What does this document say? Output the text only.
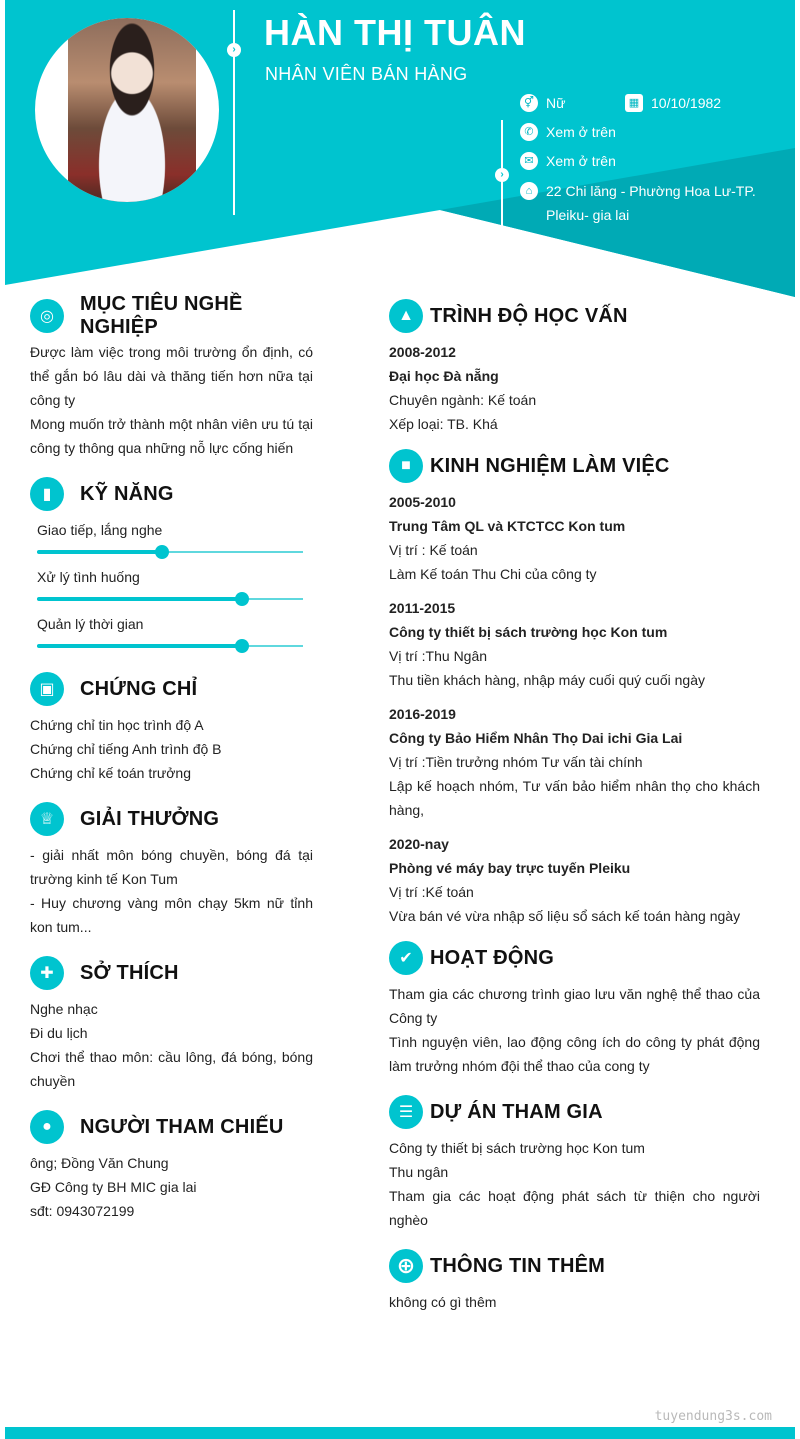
› HÀN THỊ TUÂN
NHÂN VIÊN BÁN HÀNG
›
⚥ Nữ	▦ 10/10/1982
✆ Xem ở trên
✉ Xem ở trên
⌂ 22 Chi lăng - Phường Hoa Lư-TP. Pleiku- gia lai
◎
MỤC TIÊU NGHỀ NGHIỆP
Được làm việc trong môi trường ổn định, có thể gắn bó lâu dài và thăng tiến hơn nữa tại công ty
Mong muốn trở thành một nhân viên ưu tú tại công ty thông qua những nỗ lực cống hiến
▮	KỸ NĂNG
Giao tiếp, lắng nghe
Xử lý tình huống
Quản lý thời gian
▣	CHỨNG CHỈ
Chứng chỉ tin học trình độ A
Chứng chỉ tiếng Anh trình độ B
Chứng chỉ kế toán trưởng
♕	GIẢI THƯỞNG
- giải nhất môn bóng chuyền, bóng đá tại trường kinh tế Kon Tum
- Huy chương vàng môn chạy 5km nữ tỉnh kon tum...
✚	SỞ THÍCH
Nghe nhạc
Đi du lịch
Chơi thể thao môn: cầu lông, đá bóng, bóng chuyền
●	NGƯỜI THAM CHIẾU
ông; Đồng Văn Chung
GĐ Công ty BH MIC gia lai
sđt: 0943072199
▲ TRÌNH ĐỘ HỌC VẤN
2008-2012
Đại học Đà nẵng
Chuyên ngành: Kế toán
Xếp loại: TB. Khá
■ KINH NGHIỆM LÀM VIỆC
2005-2010
Trung Tâm QL và KTCTCC Kon tum
Vị trí : Kế toán
Làm Kế toán Thu Chi của công ty
2011-2015
Công ty thiết bị sách trường học Kon tum
Vị trí :Thu Ngân
Thu tiền khách hàng, nhập máy cuối quý cuối ngày
2016-2019
Công ty Bảo Hiểm Nhân Thọ Dai ichi Gia Lai
Vị trí :Tiền trưởng nhóm Tư vấn tài chính
Lập kế hoạch nhóm, Tư vấn bảo hiểm nhân thọ cho khách hàng,
2020-nay
Phòng vé máy bay trực tuyến Pleiku
Vị trí :Kế toán
Vừa bán vé vừa nhập số liệu sổ sách kế toán hàng ngày
✔ HOẠT ĐỘNG
Tham gia các chương trình giao lưu văn nghệ thể thao của Công ty
Tình nguyện viên, lao động công ích do công ty phát động làm trưởng nhóm đội thể thao của cong ty
☰ DỰ ÁN THAM GIA
Công ty thiết bị sách trường học Kon tum
Thu ngân
Tham gia các hoạt động phát sách từ thiện cho người nghèo
⊕ THÔNG TIN THÊM
không có gì thêm
tuyendung3s.com
